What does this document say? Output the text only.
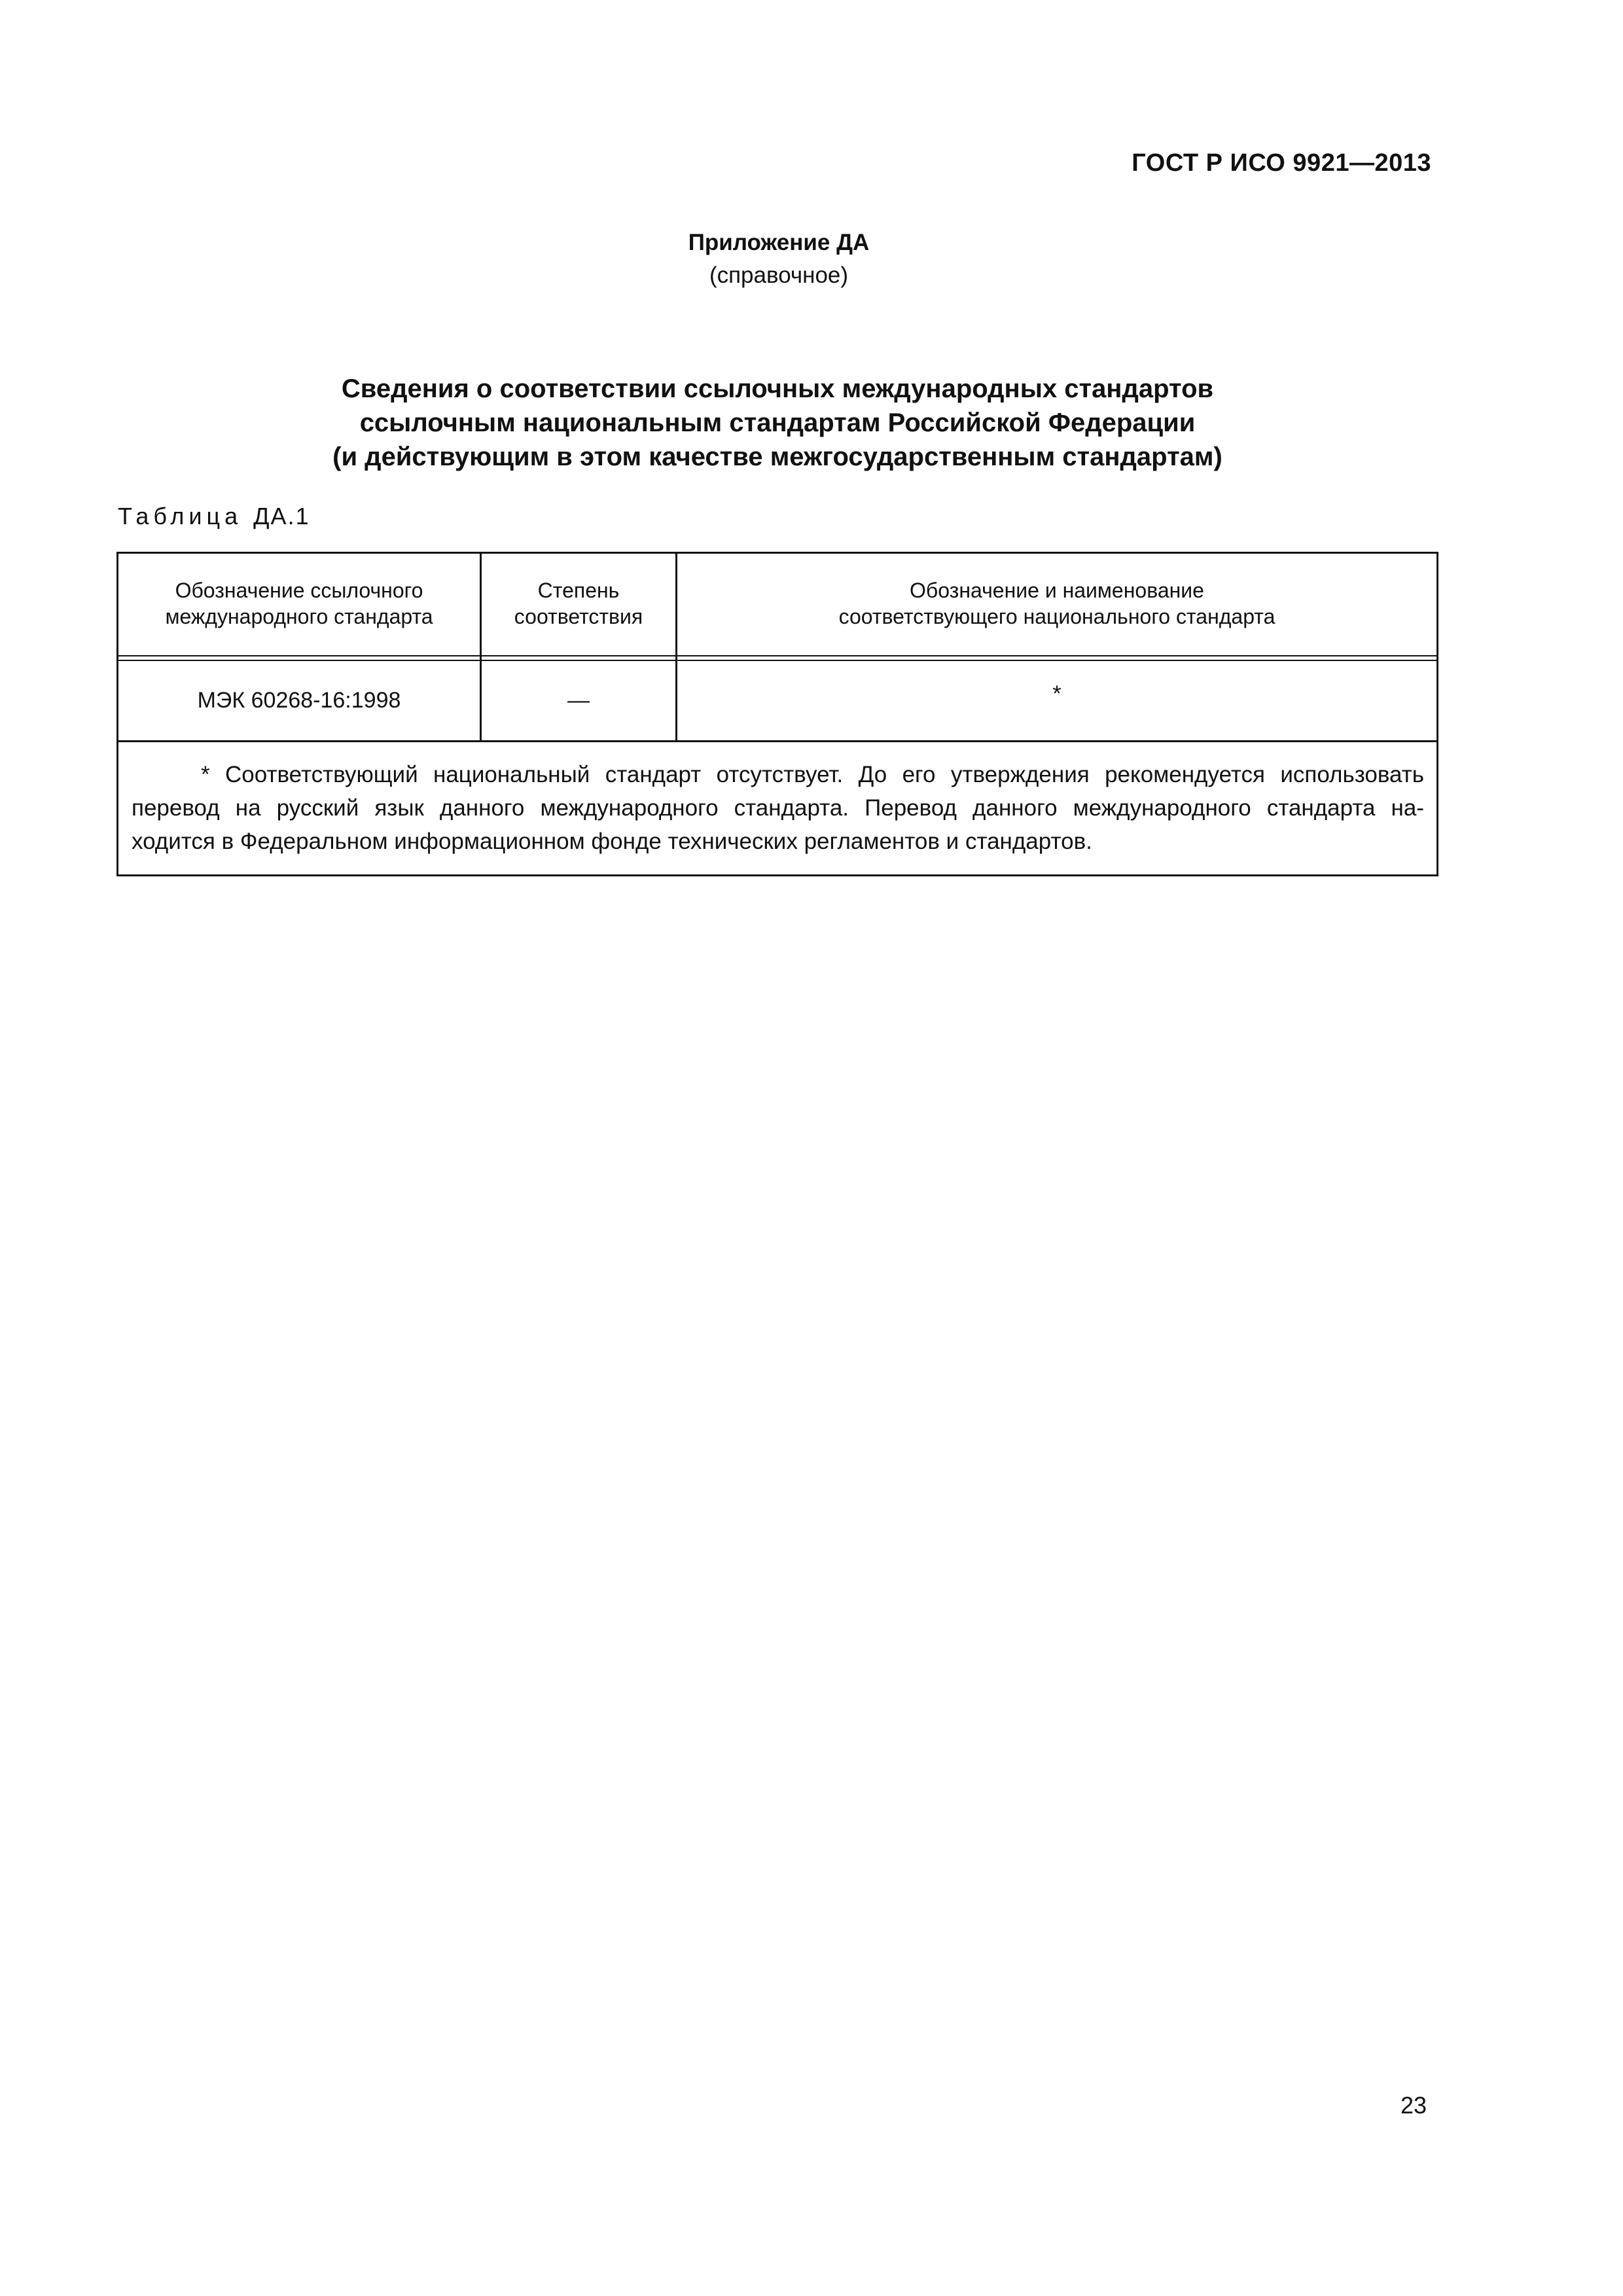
ГОСТ Р ИСО 9921—2013
Приложение ДА
(справочное)
Сведения о соответствии ссылочных международных стандартов
ссылочным национальным стандартам Российской Федерации
(и действующим в этом качестве межгосударственным стандартам)
Таблица ДА.1
Обозначение ссылочного
международного стандарта
Степень
соответствия
Обозначение и наименование
соответствующего национального стандарта
МЭК 60268-16:1998	—	*

* Соответствующий национальный стандарт отсутствует. До его утверждения рекомендуется использовать

перевод на русский язык данного международного стандарта. Перевод данного международного стандарта на-

ходится в Федеральном информационном фонде технических регламентов и стандартов.

23
